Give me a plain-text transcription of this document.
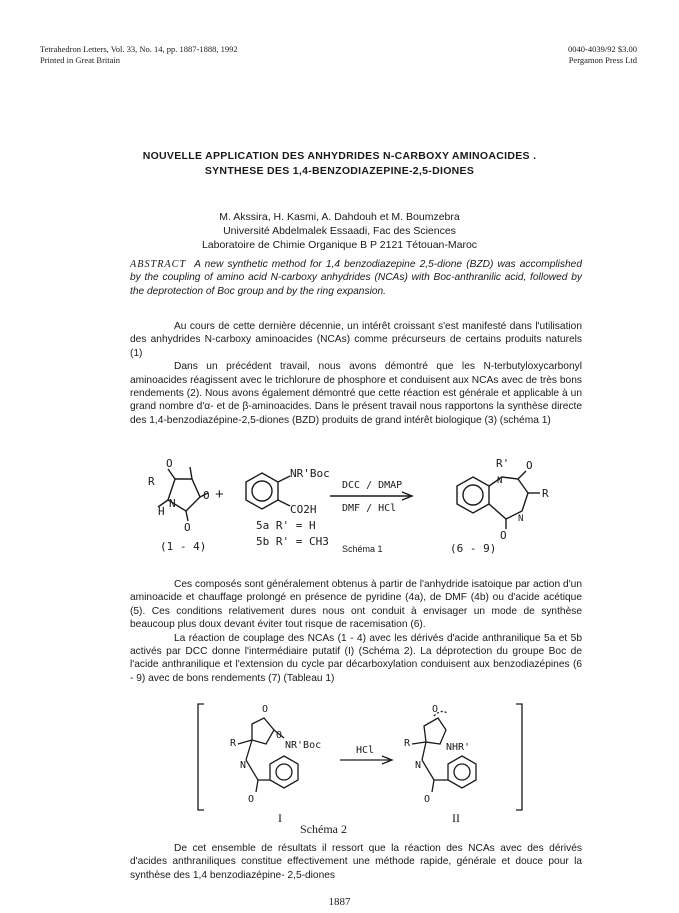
Tetrahedron Letters, Vol. 33, No. 14, pp. 1887-1888, 1992
Printed in Great Britain
0040-4039/92 $3.00
Pergamon Press Ltd
NOUVELLE APPLICATION DES ANHYDRIDES N-CARBOXY AMINOACIDES .
SYNTHESE DES 1,4-BENZODIAZEPINE-2,5-DIONES
M. Akssira, H. Kasmi, A. Dahdouh et M. Boumzebra
Université Abdelmalek Essaadi, Fac des Sciences
Laboratoire de Chimie Organique B P 2121 Tétouan-Maroc
ABSTRACT A new synthetic method for 1,4 benzodiazepine 2,5-dione (BZD) was accomplished by the coupling of amino acid N-carboxy anhydrides (NCAs) with Boc-anthranilic acid, followed by the deprotection of Boc group and by the ring expansion.

Au cours de cette dernière décennie, un intérêt croissant s'est manifesté dans l'utilisation des anhydrides N-carboxy aminoacides (NCAs) comme précurseurs de certains produits naturels (1)

Dans un précédent travail, nous avons démontré que les N-terbutyloxycarbonyl aminoacides réagissent avec le trichlorure de phosphore et conduisent aux NCAs avec de très bons rendements (2). Nous avons également démontré que cette réaction est générale et applicable à un grand nombre d'α- et de β-aminoacides. Dans le présent travail nous rapportons la synthèse directe des 1,4-benzodiazépine-2,5-diones (BZD) produits de grand intérêt biologique (3) (schéma 1)

O
R
O
H
N
O
+
NR'Boc
CO2H
5a R' = H
5b R' = CH3
DCC / DMAP
DMF / HCl
Schéma 1
(1 - 4)	(6 - 9)
R'
N
O
R
N
O

Ces composés sont généralement obtenus à partir de l'anhydride isatoique par action d'un aminoacide et chauffage prolongé en présence de pyridine (4a), de DMF (4b) ou d'acide acétique (5). Ces conditions relativement dures nous ont conduit à envisager un mode de synthèse beaucoup plus doux devant éviter tout risque de racemisation (6).

La réaction de couplage des NCAs (1 - 4) avec les dérivés d'acide anthranilique 5a et 5b activés par DCC donne l'intermédiaire putatif (I) (Schéma 2). La déprotection du groupe Boc de l'acide anthranilique et l'extension du cycle par décarboxylation conduisent aux benzodiazépines (6 - 9) avec de bons rendements (7) (Tableau 1)

O
O
R	NR'Boc
N
O
I
HCl
O
R	NHR'
N
O
II
Schéma 2

De cet ensemble de résultats il ressort que la réaction des NCAs avec des dérivés d'acides anthraniliques constitue effectivement une méthode rapide, générale et douce pour la synthèse des 1,4 benzodiazépine- 2,5-diones

1887
